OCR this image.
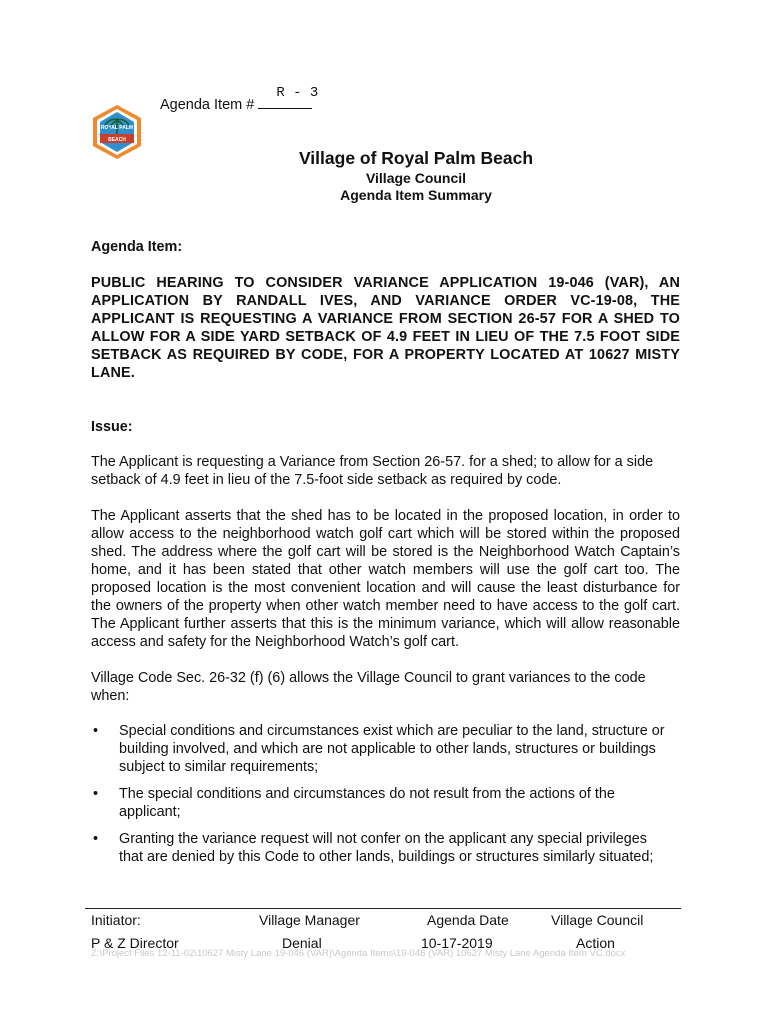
ROYAL PALM
BEACH
Agenda Item #
R - 3
Village of Royal Palm Beach
Village Council
Agenda Item Summary
Agenda Item:
PUBLIC HEARING TO CONSIDER VARIANCE APPLICATION 19-046 (VAR), AN APPLICATION BY RANDALL IVES, AND VARIANCE ORDER VC-19-08, THE APPLICANT IS REQUESTING A VARIANCE FROM SECTION 26-57 FOR A SHED TO ALLOW FOR A SIDE YARD SETBACK OF 4.9 FEET IN LIEU OF THE 7.5 FOOT SIDE SETBACK AS REQUIRED BY CODE, FOR A PROPERTY LOCATED AT 10627 MISTY LANE.
Issue:
The Applicant is requesting a Variance from Section 26-57. for a shed; to allow for a side setback of 4.9 feet in lieu of the 7.5-foot side setback as required by code.
The Applicant asserts that the shed has to be located in the proposed location, in order to allow access to the neighborhood watch golf cart which will be stored within the proposed shed. The address where the golf cart will be stored is the Neighborhood Watch Captain’s home, and it has been stated that other watch members will use the golf cart too. The proposed location is the most convenient location and will cause the least disturbance for the owners of the property when other watch member need to have access to the golf cart. The Applicant further asserts that this is the minimum variance, which will allow reasonable access and safety for the Neighborhood Watch’s golf cart.
Village Code Sec. 26-32 (f) (6) allows the Village Council to grant variances to the code when:
• Special conditions and circumstances exist which are peculiar to the land, structure or building involved, and which are not applicable to other lands, structures or buildings subject to similar requirements;
• The special conditions and circumstances do not result from the actions of the applicant;
• Granting the variance request will not confer on the applicant any special privileges that are denied by this Code to other lands, buildings or structures similarly situated;
Initiator:	Village Manager	Agenda Date	Village Council
P & Z Director	Denial	10-17-2019	Action
Z:\Project Files 12-11-02\10627 Misty Lane 19-046 (VAR)\Agenda Items\19-046 (VAR) 10627 Misty Lane Agenda Item VC.docx
